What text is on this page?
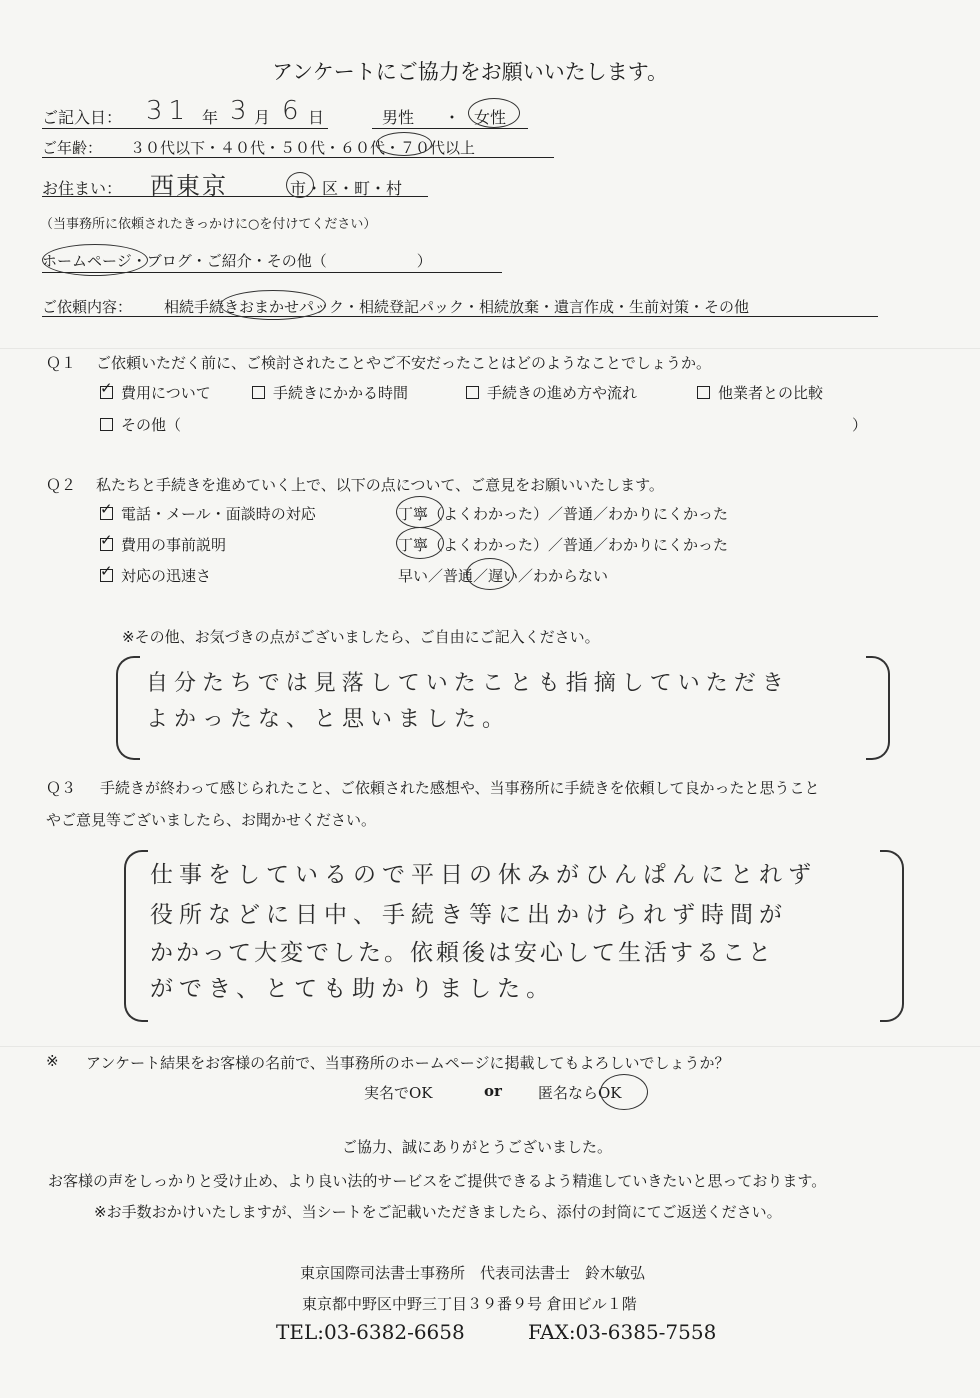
アンケートにご協力をお願いいたします。
ご記入日： 31 年 3 月 6 日	男性 ・ 女性
ご年齢： ３０代以下・４０代・５０代・６０代・７０代以上
お住まい： 西東京	市・区・町・村
（当事務所に依頼されたきっかけに○を付けてください）
ホームページ・ブログ・ご紹介・その他（　　　　　　）
ご依頼内容： 相続手続きおまかせパック・相続登記パック・相続放棄・遺言作成・生前対策・その他
Ｑ１ ご依頼いただく前に、ご検討されたことやご不安だったことはどのようなことでしょうか。
✓費用について	手続きにかかる時間	手続きの進め方や流れ	他業者との比較
その他（	）
Ｑ２ 私たちと手続きを進めていく上で、以下の点について、ご意見をお願いいたします。
✓電話・メール・面談時の対応	丁寧（よくわかった）／普通／わかりにくかった
✓費用の事前説明	丁寧（よくわかった）／普通／わかりにくかった
✓対応の迅速さ	早い／普通／遅い／わからない
※その他、お気づきの点がございましたら、ご自由にご記入ください。
自分たちでは見落していたことも指摘していただき
よかったな、と思いました。
Ｑ３ 手続きが終わって感じられたこと、ご依頼された感想や、当事務所に手続きを依頼して良かったと思うこと
やご意見等ございましたら、お聞かせください。
仕事をしているので平日の休みがひんぱんにとれず
役所などに日中、手続き等に出かけられず時間が
かかって大変でした。依頼後は安心して生活すること
ができ、とても助かりました。
※ アンケート結果をお客様の名前で、当事務所のホームページに掲載してもよろしいでしょうか？
実名でOK	or 匿名ならOK
ご協力、誠にありがとうございました。
お客様の声をしっかりと受け止め、より良い法的サービスをご提供できるよう精進していきたいと思っております。
※お手数おかけいたしますが、当シートをご記載いただきましたら、添付の封筒にてご返送ください。
東京国際司法書士事務所　代表司法書士　鈴木敏弘
東京都中野区中野三丁目３９番９号 倉田ビル１階
TEL:03-6382-6658	FAX:03-6385-7558
